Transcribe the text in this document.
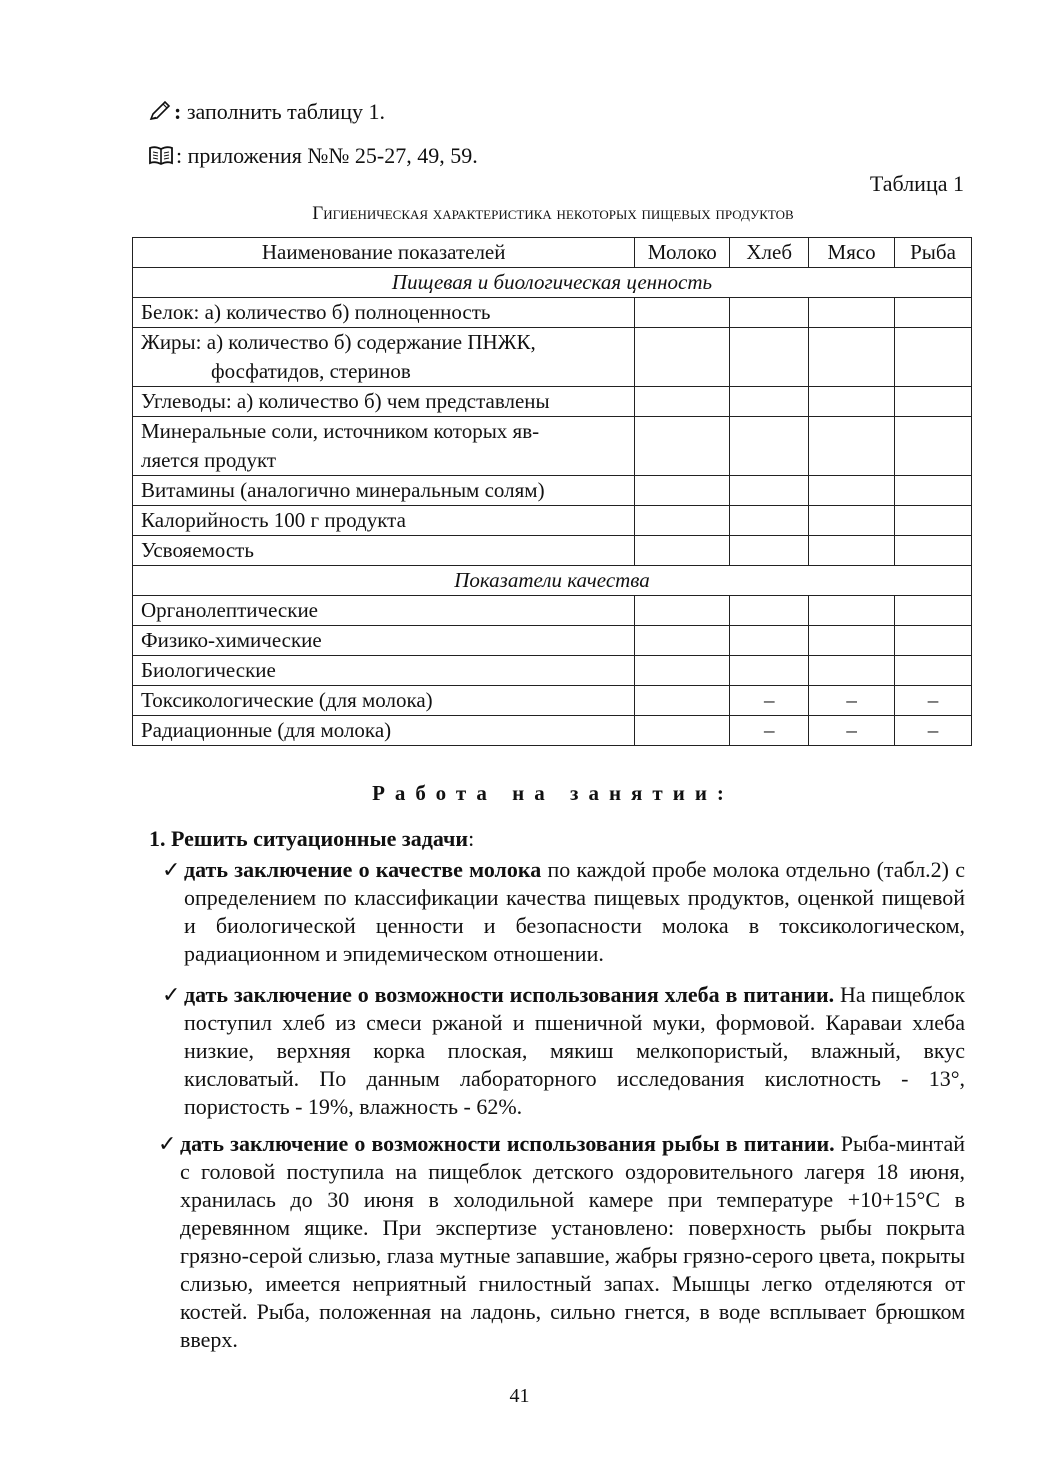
: заполнить таблицу 1.
: приложения №№ 25-27, 49, 59.
Таблица 1
Гигиеническая характеристика некоторых пищевых продуктов
Наименование показателей	Молоко	Хлеб	Мясо	Рыба
Пищевая и биологическая ценность				
Белок: а) количество б) полноценность				

Жиры: а) количество б) содержание ПНЖК,
фосфатидов, стеринов				

Углеводы: а) количество б) чем представлены				

Минеральные соли, источником которых яв-
ляется продукт				

Витамины (аналогично минеральным солям)				
Калорийность 100 г продукта				
Усвояемость				
Показатели качества				
Органолептические				
Физико-химические				
Биологические				
Токсикологические (для молока)		–	–	–
Радиационные (для молока)		–	–	–
Работа на занятии:
1. Решить ситуационные задачи:
✓ дать заключение о качестве молока по каждой пробе молока отдельно (табл.2) с определением по классификации качества пищевых продуктов, оценкой пищевой и биологической ценности и безопасности молока в токсикологическом, радиационном и эпидемическом отношении.

✓ дать заключение о возможности использования хлеба в питании. На пищеблок поступил хлеб из смеси ржаной и пшеничной муки, формовой. Караваи хлеба низкие, верхняя корка плоская, мякиш мелкопористый, влажный, вкус кисловатый. По данным лабораторного исследования кислотность - 13°, пористость - 19%, влажность - 62%.

✓ дать заключение о возможности использования рыбы в питании. Рыба-минтай с головой поступила на пищеблок детского оздоровительного лагеря 18 июня, хранилась до 30 июня в холодильной камере при температуре +10+15°С в деревянном ящике. При экспертизе установлено: поверхность рыбы покрыта грязно-серой слизью, глаза мутные запавшие, жабры грязно-серого цвета, покрыты слизью, имеется неприятный гнилостный запах. Мышцы легко отделяются от костей. Рыба, положенная на ладонь, сильно гнется, в воде всплывает брюшком вверх.

41
